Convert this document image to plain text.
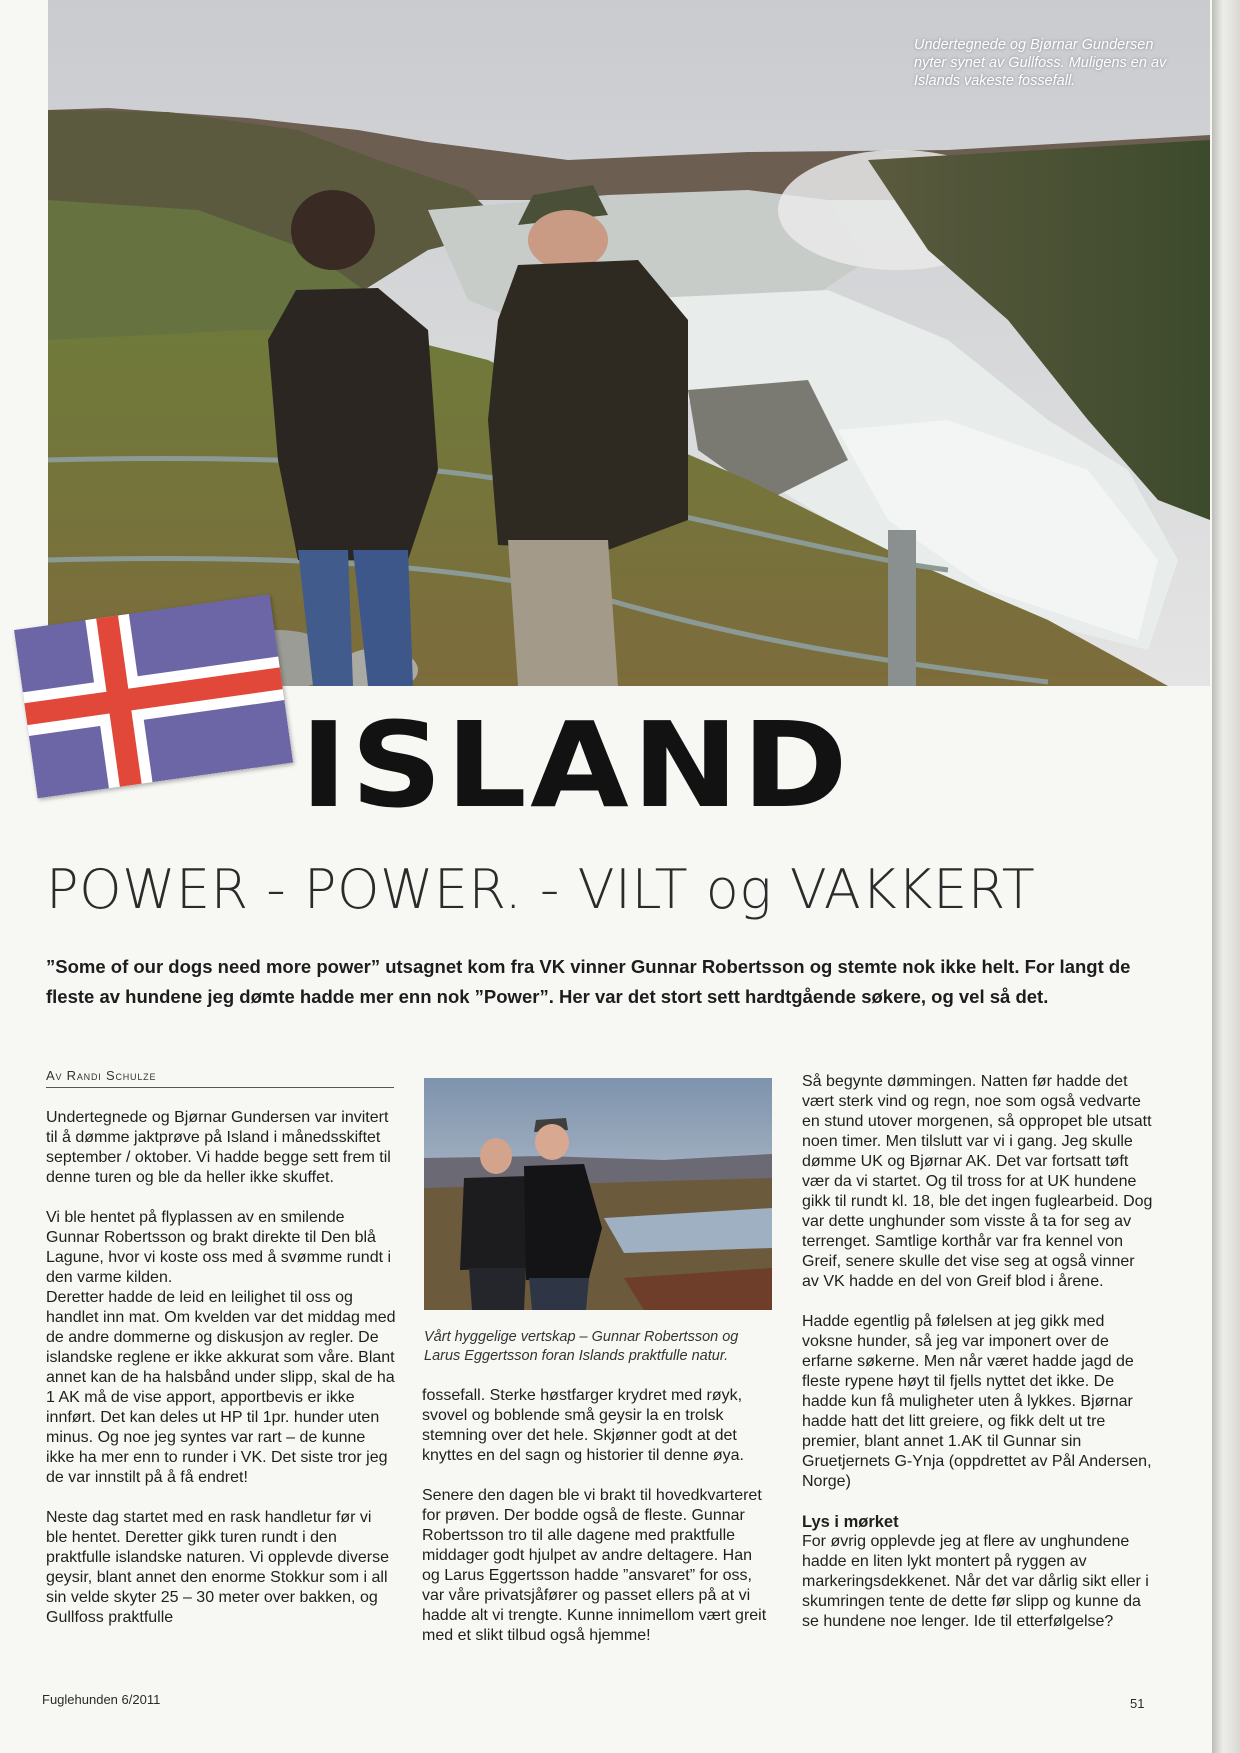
Undertegnede og Bjørnar Gundersen nyter synet av Gullfoss. Muligens en av Islands vakeste fossefall.
ISLAND
POWER - POWER. - VILT og VAKKERT
”Some of our dogs need more power” utsagnet kom fra VK vinner Gunnar Robertsson og stemte nok ikke helt. For langt de fleste av hundene jeg dømte hadde mer enn nok ”Power”. Her var det stort sett hardtgående søkere, og vel så det.
Av Randi Schulze

Undertegnede og Bjørnar Gundersen var invitert til å dømme jaktprøve på Island i månedsskiftet september / oktober. Vi hadde begge sett frem til denne turen og ble da heller ikke skuffet.

Vi ble hentet på flyplassen av en smilende Gunnar Robertsson og brakt direkte til Den blå Lagune, hvor vi koste oss med å svømme rundt i den varme kilden.

Deretter hadde de leid en leilighet til oss og handlet inn mat. Om kvelden var det middag med de andre dommerne og diskusjon av regler. De islandske reglene er ikke akkurat som våre. Blant annet kan de ha halsbånd under slipp, skal de ha 1 AK må de vise apport, apportbevis er ikke innført. Det kan deles ut HP til 1pr. hunder uten minus. Og noe jeg syntes var rart – de kunne ikke ha mer enn to runder i VK. Det siste tror jeg de var innstilt på å få endret!

Neste dag startet med en rask handletur før vi ble hentet. Deretter gikk turen rundt i den praktfulle islandske naturen. Vi opplevde diverse geysir, blant annet den enorme Stokkur som i all sin velde skyter 25 – 30 meter over bakken, og Gullfoss praktfulle

Vårt hyggelige vertskap – Gunnar Robertsson og Larus Eggertsson foran Islands praktfulle natur.

fossefall. Sterke høstfarger krydret med røyk, svovel og boblende små geysir la en trolsk stemning over det hele. Skjønner godt at det knyttes en del sagn og historier til denne øya.

Senere den dagen ble vi brakt til hovedkvarteret for prøven. Der bodde også de fleste. Gunnar Robertsson tro til alle dagene med praktfulle middager godt hjulpet av andre deltagere. Han og Larus Eggertsson hadde ”ansvaret” for oss, var våre privatsjåfører og passet ellers på at vi hadde alt vi trengte. Kunne innimellom vært greit med et slikt tilbud også hjemme!

Så begynte dømmingen. Natten før hadde det vært sterk vind og regn, noe som også vedvarte en stund utover morgenen, så oppropet ble utsatt noen timer. Men tilslutt var vi i gang. Jeg skulle dømme UK og Bjørnar AK. Det var fortsatt tøft vær da vi startet. Og til tross for at UK hundene gikk til rundt kl. 18, ble det ingen fuglearbeid. Dog var dette unghunder som visste å ta for seg av terrenget. Samtlige korthår var fra kennel von Greif, senere skulle det vise seg at også vinner av VK hadde en del von Greif blod i årene.

Hadde egentlig på følelsen at jeg gikk med voksne hunder, så jeg var imponert over de erfarne søkerne. Men når været hadde jagd de fleste rypene høyt til fjells nyttet det ikke. De hadde kun få muligheter uten å lykkes. Bjørnar hadde hatt det litt greiere, og fikk delt ut tre premier, blant annet 1.AK til Gunnar sin Gruetjernets G-Ynja (oppdrettet av Pål Andersen, Norge)

Lys i mørket

For øvrig opplevde jeg at flere av unghundene hadde en liten lykt montert på ryggen av markeringsdekkenet. Når det var dårlig sikt eller i skumringen tente de dette før slipp og kunne da se hundene noe lenger. Ide til etterfølgelse?

Fuglehunden 6/2011	51
